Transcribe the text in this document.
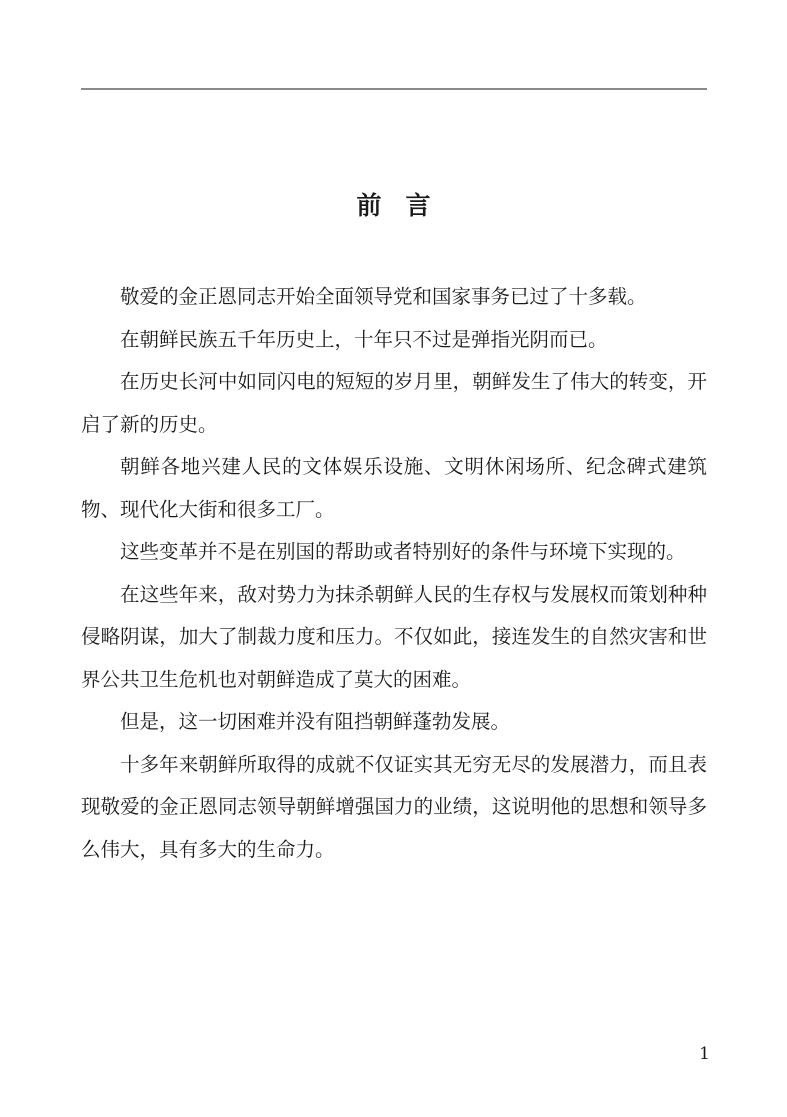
前言

敬爱的金正恩同志开始全面领导党和国家事务已过了十多载。

在朝鲜民族五千年历史上，十年只不过是弹指光阴而已。

在历史长河中如同闪电的短短的岁月里，朝鲜发生了伟大的转变，开启了新的历史。

朝鲜各地兴建人民的文体娱乐设施、文明休闲场所、纪念碑式建筑物、现代化大街和很多工厂。

这些变革并不是在别国的帮助或者特别好的条件与环境下实现的。

在这些年来，敌对势力为抹杀朝鲜人民的生存权与发展权而策划种种侵略阴谋，加大了制裁力度和压力。不仅如此，接连发生的自然灾害和世界公共卫生危机也对朝鲜造成了莫大的困难。

但是，这一切困难并没有阻挡朝鲜蓬勃发展。

十多年来朝鲜所取得的成就不仅证实其无穷无尽的发展潜力，而且表现敬爱的金正恩同志领导朝鲜增强国力的业绩，这说明他的思想和领导多么伟大，具有多大的生命力。

1
